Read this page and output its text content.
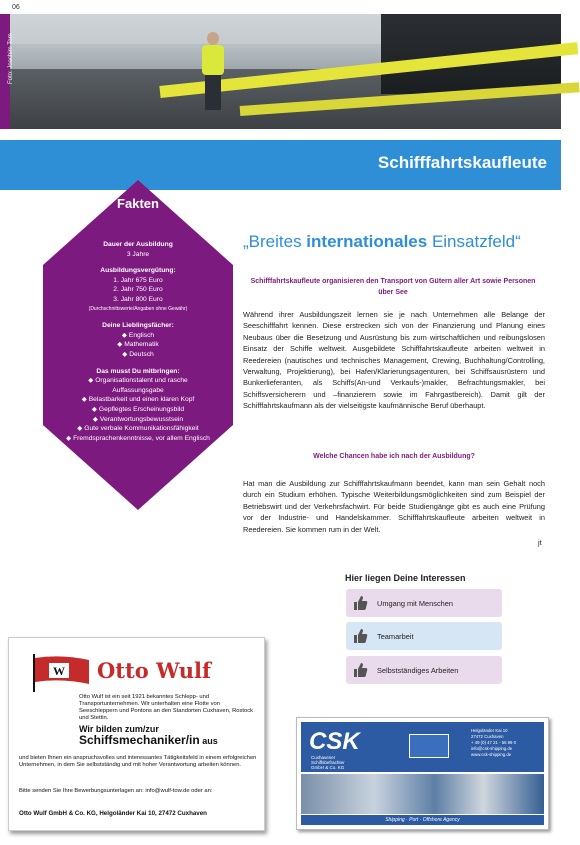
06
Foto: Joachim Tom
Schifffahrtskaufleute
Fakten
Dauer der Ausbildung
3 Jahre
Ausbildungsvergütung:
1. Jahr 675 Euro
2. Jahr 750 Euro
3. Jahr 800 Euro
(Durchschnittswerte/Angaben ohne Gewähr)
Deine Lieblingsfächer:
◆ Englisch
◆ Mathematik
◆ Deutsch
Das musst Du mitbringen:
◆ Organisationstalent und rasche Auffassungsgabe
◆ Belastbarkeit und einen klaren Kopf
◆ Gepflegtes Erscheinungsbild
◆ Verantwortungsbewusstsein
◆ Gute verbale Kommunikationsfähigkeit
◆ Fremdsprachenkenntnisse, vor allem Englisch
„Breites internationales Einsatzfeld“
Schifffahrtskaufleute organisieren den Transport von Gütern aller Art sowie Personen über See
Während ihrer Ausbildungszeit lernen sie je nach Unternehmen alle Belange der Seeschifffahrt kennen. Diese erstrecken sich von der Finanzierung und Planung eines Neubaus über die Besetzung und Ausrüstung bis zum wirtschaftlichen und reibungslosen Einsatz der Schiffe weltweit. Ausgebildete Schifffahrtskaufleute arbeiten weltweit in Reedereien (nautisches und technisches Management, Crewing, Buchhaltung/Controlling, Verwaltung, Projektierung), bei Hafen/Klarierungsagenturen, bei Schiffsausrüstern und Bunkerlieferanten, als Schiffs(An-und Verkaufs-)makler, Befrachtungsmakler, bei Schiffsversicherern und –finanzierern sowie im Fahrgastbereich). Damit gilt der Schifffahrtskaufmann als der vielseitigste kaufmännische Beruf überhaupt.
Welche Chancen habe ich nach der Ausbildung?
Hat man die Ausbildung zur Schifffahrtskaufmann beendet, kann man sein Gehalt noch durch ein Studium erhöhen. Typische Weiterbildungsmöglichkeiten sind zum Beispiel der Betriebswirt und der Verkehrsfachwirt. Für beide Studiengänge gibt es auch eine Prüfung vor der Industrie- und Handelskammer. Schifffahrtskaufleute arbeiten weltweit in Reedereien. Sie kommen rum in der Welt.
jt
Hier liegen Deine Interessen
Umgang mit Menschen
Teamarbeit
Selbstständiges Arbeiten
W Otto Wulf
Otto Wulf ist ein seit 1921 bekanntes Schlepp- und Transportunternehmen. Wir unterhalten eine Flotte von Seeschleppern und Pontons an den Standorten Cuxhaven, Rostock und Stettin.
Wir bilden zum/zur
Schiffsmechaniker/in aus
und bieten Ihnen ein anspruchsvolles und interessantes Tätigkeitsfeld in einem erfolgreichen Unternehmen, in dem Sie selbstständig und mit hoher Verantwortung arbeiten können.
Bitte senden Sie Ihre Bewerbungsunterlagen an: info@wulf-tow.de oder an:
Otto Wulf GmbH & Co. KG, Helgoländer Kai 10, 27472 Cuxhaven
CSK
Cuxhavener
Schiffsbefrachter
GmbH & Co. KG
Helgoländer Kai 10
27472 Cuxhaven
+ 49 (0) 47 21 - 56 99 0
info@csk-shipping.de
www.csk-shipping.de
Shipping · Port · Offshore Agency
